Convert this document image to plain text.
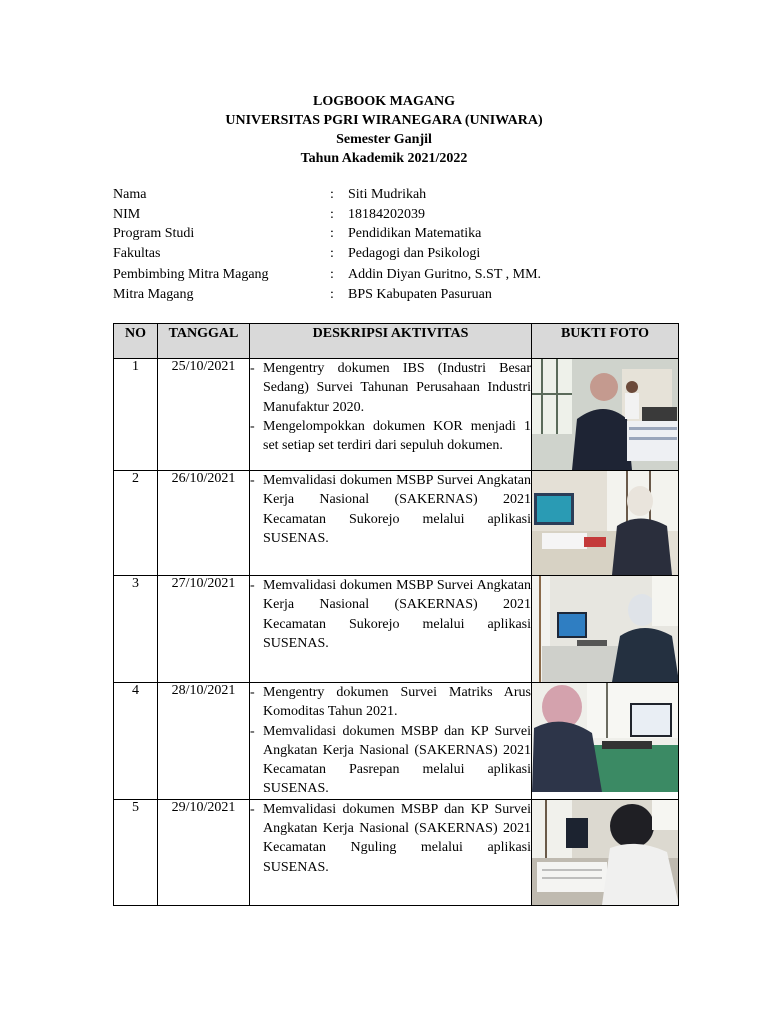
LOGBOOK MAGANG
UNIVERSITAS PGRI WIRANEGARA (UNIWARA)
Semester Ganjil
Tahun Akademik 2021/2022
Nama	:	Siti Mudrikah
NIM	:	18184202039
Program Studi	:	Pendidikan Matematika
Fakultas	:	Pedagogi dan Psikologi
Pembimbing Mitra Magang	:	Addin Diyan Guritno, S.ST , MM.
Mitra Magang	:	BPS Kabupaten Pasuruan
NO	TANGGAL	DESKRIPSI AKTIVITAS	BUKTI FOTO
1	25/10/2021	- Mengentry dokumen IBS (Industri Besar Sedang) Survei Tahunan Perusahaan Industri Manufaktur 2020.
- Mengelompokkan dokumen KOR menjadi 1 set setiap set terdiri dari sepuluh dokumen.

2	26/10/2021	- Memvalidasi dokumen MSBP Survei Angkatan Kerja Nasional (SAKERNAS) 2021 Kecamatan Sukorejo melalui aplikasi SUSENAS.

3	27/10/2021	- Memvalidasi dokumen MSBP Survei Angkatan Kerja Nasional (SAKERNAS) 2021 Kecamatan Sukorejo melalui aplikasi SUSENAS.

4	28/10/2021	- Mengentry dokumen Survei Matriks Arus Komoditas Tahun 2021.
- Memvalidasi dokumen MSBP dan KP Survei Angkatan Kerja Nasional (SAKERNAS) 2021 Kecamatan Pasrepan melalui aplikasi SUSENAS.

5	29/10/2021	- Memvalidasi dokumen MSBP dan KP Survei Angkatan Kerja Nasional (SAKERNAS) 2021 Kecamatan Nguling melalui aplikasi SUSENAS.
